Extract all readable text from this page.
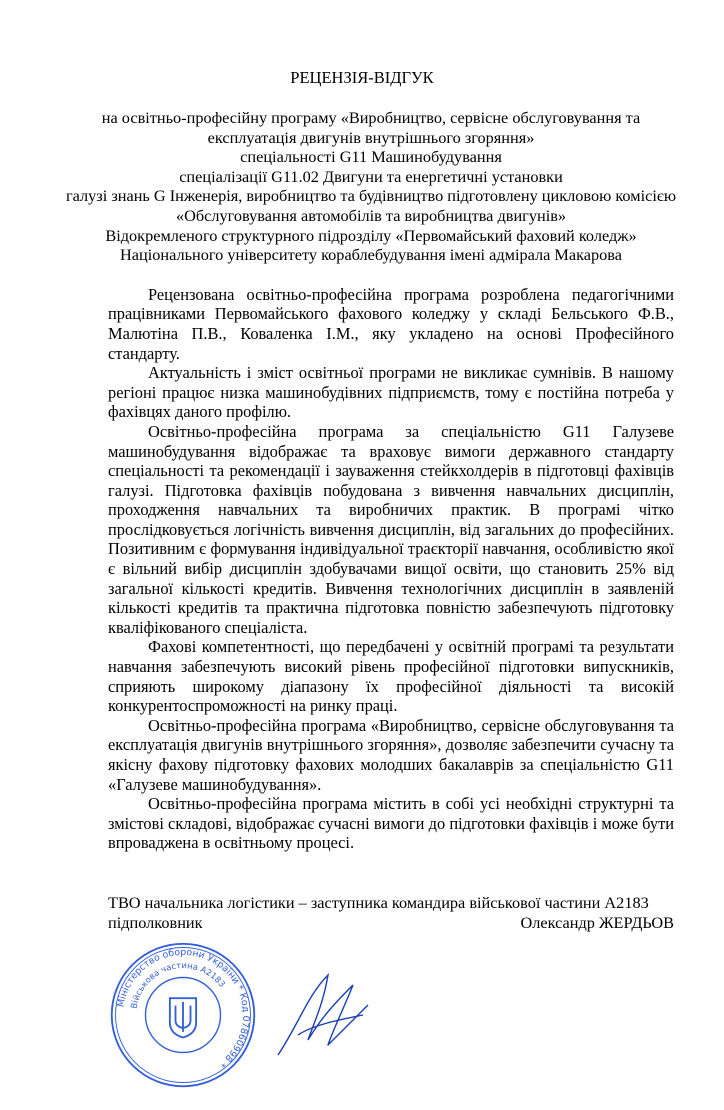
РЕЦЕНЗІЯ-ВІДГУК
на освітньо-професійну програму «Виробництво, сервісне обслуговування та
експлуатація двигунів внутрішнього згоряння»
спеціальності G11 Машинобудування
спеціалізації G11.02 Двигуни та енергетичні установки
галузі знань G Інженерія, виробництво та будівництво підготовлену цикловою комісією
«Обслуговування автомобілів та виробництва двигунів»
Відокремленого структурного підрозділу «Первомайський фаховий коледж»
Національного університету кораблебудування імені адмірала Макарова

Рецензована освітньо-професійна програма розроблена педагогічними працівниками Первомайського фахового коледжу у складі Бельського Ф.В., Малютіна П.В., Коваленка І.М., яку укладено на основі Професійного стандарту.

Актуальність і зміст освітньої програми не викликає сумнівів. В нашому регіоні працює низка машинобудівних підприємств, тому є постійна потреба у фахівцях даного профілю.

Освітньо-професійна програма за спеціальністю G11 Галузеве машинобудування відображає та враховує вимоги державного стандарту спеціальності та рекомендації і зауваження стейкхолдерів в підготовці фахівців галузі. Підготовка фахівців побудована з вивчення навчальних дисциплін, проходження навчальних та виробничих практик. В програмі чітко прослідковується логічність вивчення дисциплін, від загальних до професійних. Позитивним є формування індивідуальної траєкторії навчання, особливістю якої є вільний вибір дисциплін здобувачами вищої освіти, що становить 25% від загальної кількості кредитів. Вивчення технологічних дисциплін в заявленій кількості кредитів та практична підготовка повністю забезпечують підготовку кваліфікованого спеціаліста.

Фахові компетентності, що передбачені у освітній програмі та результати навчання забезпечують високий рівень професійної підготовки випускників, сприяють широкому діапазону їх професійної діяльності та високій конкурентоспроможності на ринку праці.

Освітньо-професійна програма «Виробництво, сервісне обслуговування та експлуатація двигунів внутрішнього згоряння», дозволяє забезпечити сучасну та якісну фахову підготовку фахових молодших бакалаврів за спеціальністю G11 «Галузеве машинобудування».

Освітньо-професійна програма містить в собі усі необхідні структурні та змістові складові, відображає сучасні вимоги до підготовки фахівців і може бути впроваджена в освітньому процесі.

ТВО начальника логістики – заступника командира військової частини А2183
підполковник	Олександр ЖЕРДЬОВ
Міністерство оборони України * Код 07860998 *
Військова частина А2183
